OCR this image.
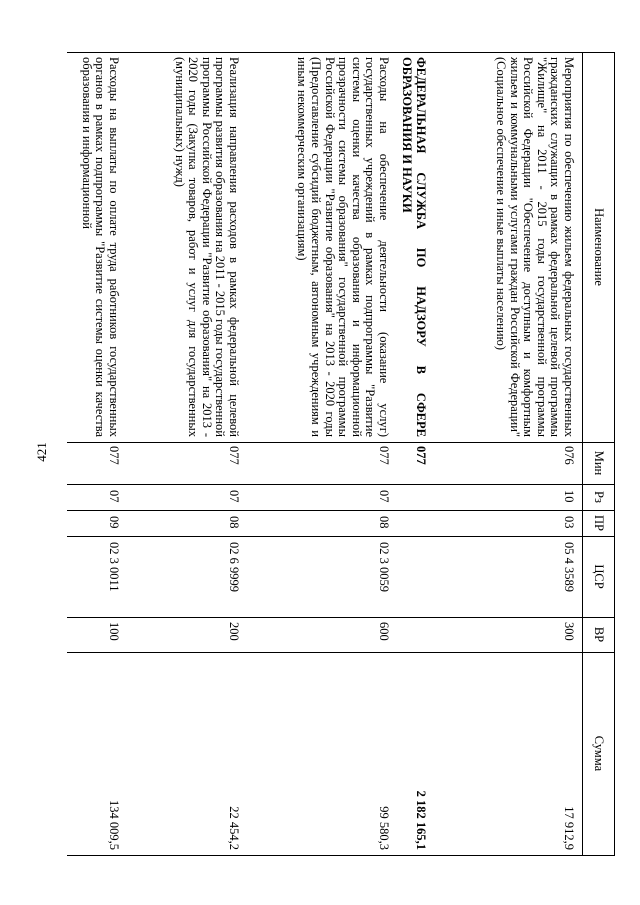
421
Наименование
Мин
Рз
ПР
ЦСР
ВР
Сумма
Мероприятия по обеспечению жильем федеральных государственных гражданских служащих в рамках федеральной целевой программы "Жилище" на 2011 - 2015 годы государственной программы Российской Федерации "Обеспечение доступным и комфортным жильем и коммунальными услугами граждан Российской Федерации" (Социальное обеспечение и иные выплаты населению)
076
10
03
05 4 3589
300
17 912,9
ФЕДЕРАЛЬНАЯ СЛУЖБА ПО НАДЗОРУ В СФЕРЕ ОБРАЗОВАНИЯ И НАУКИ
077
2 182 165,1
Расходы на обеспечение деятельности (оказание услуг) государственных учреждений в рамках подпрограммы "Развитие системы оценки качества образования и информационной прозрачности системы образования" государственной программы Российской Федерации "Развитие образования" на 2013 - 2020 годы (Предоставление субсидий бюджетным, автономным учреждениям и иным некоммерческим организациям)
077
07
08
02 3 0059
600
99 580,3
Реализация направления расходов в рамках федеральной целевой программы развития образования на 2011 - 2015 годы государственной программы Российской Федерации "Развитие образования" на 2013 - 2020 годы (Закупка товаров, работ и услуг для государственных (муниципальных) нужд)
077
07
08
02 6 9999
200
22 454,2
Расходы на выплаты по оплате труда работников государственных органов в рамках подпрограммы "Развитие системы оценки качества образования и информационной
077
07
09
02 3 0011
100
134 009,5
